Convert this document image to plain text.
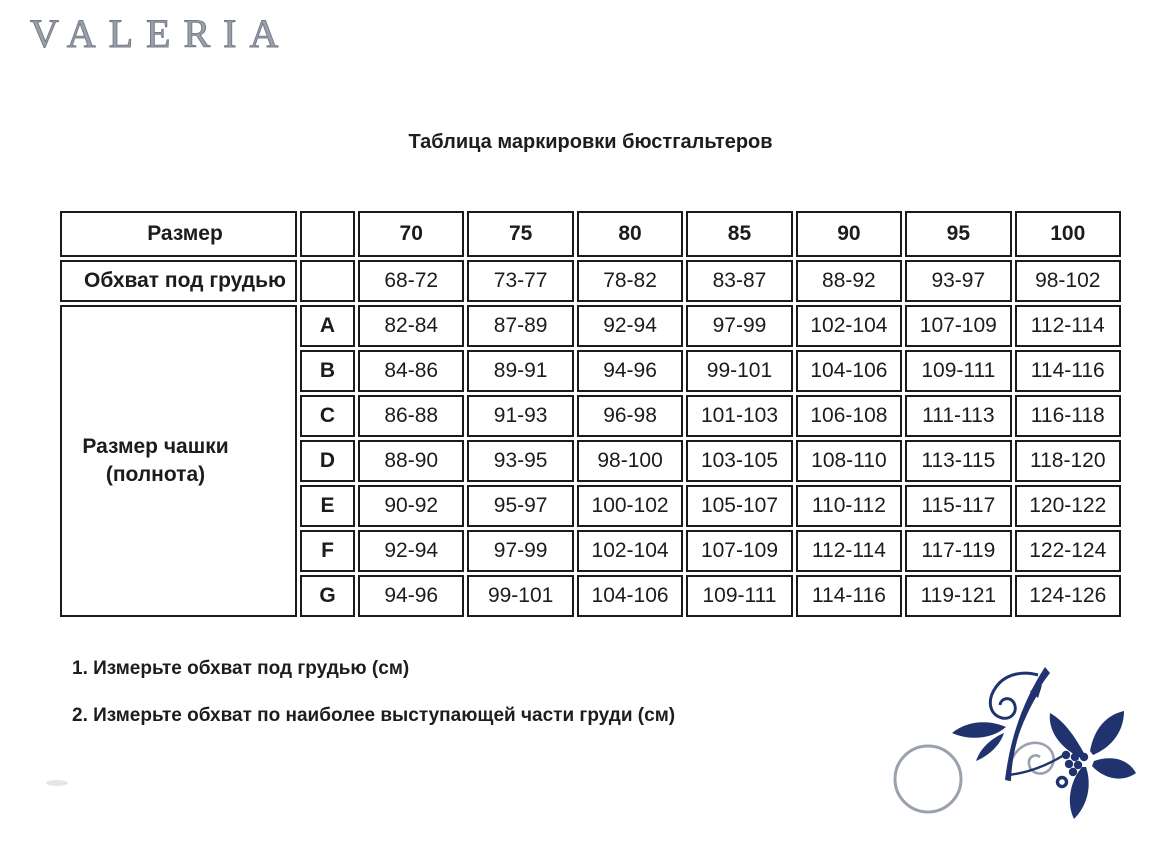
VALERIA
Таблица маркировки бюстгальтеров
Размер		70	75	80	85	90	95	100
Обхват под грудью		68-72	73-77	78-82	83-87	88-92	93-97	98-102
Размер чашки (полнота)	A	82-84	87-89	92-94	97-99	102-104	107-109	112-114
	B	84-86	89-91	94-96	99-101	104-106	109-111	114-116
	C	86-88	91-93	96-98	101-103	106-108	111-113	116-118
	D	88-90	93-95	98-100	103-105	108-110	113-115	118-120
	E	90-92	95-97	100-102	105-107	110-112	115-117	120-122
	F	92-94	97-99	102-104	107-109	112-114	117-119	122-124
	G	94-96	99-101	104-106	109-111	114-116	119-121	124-126
1. Измерьте обхват под грудью (см)
2. Измерьте обхват по наиболее выступающей части груди (см)
